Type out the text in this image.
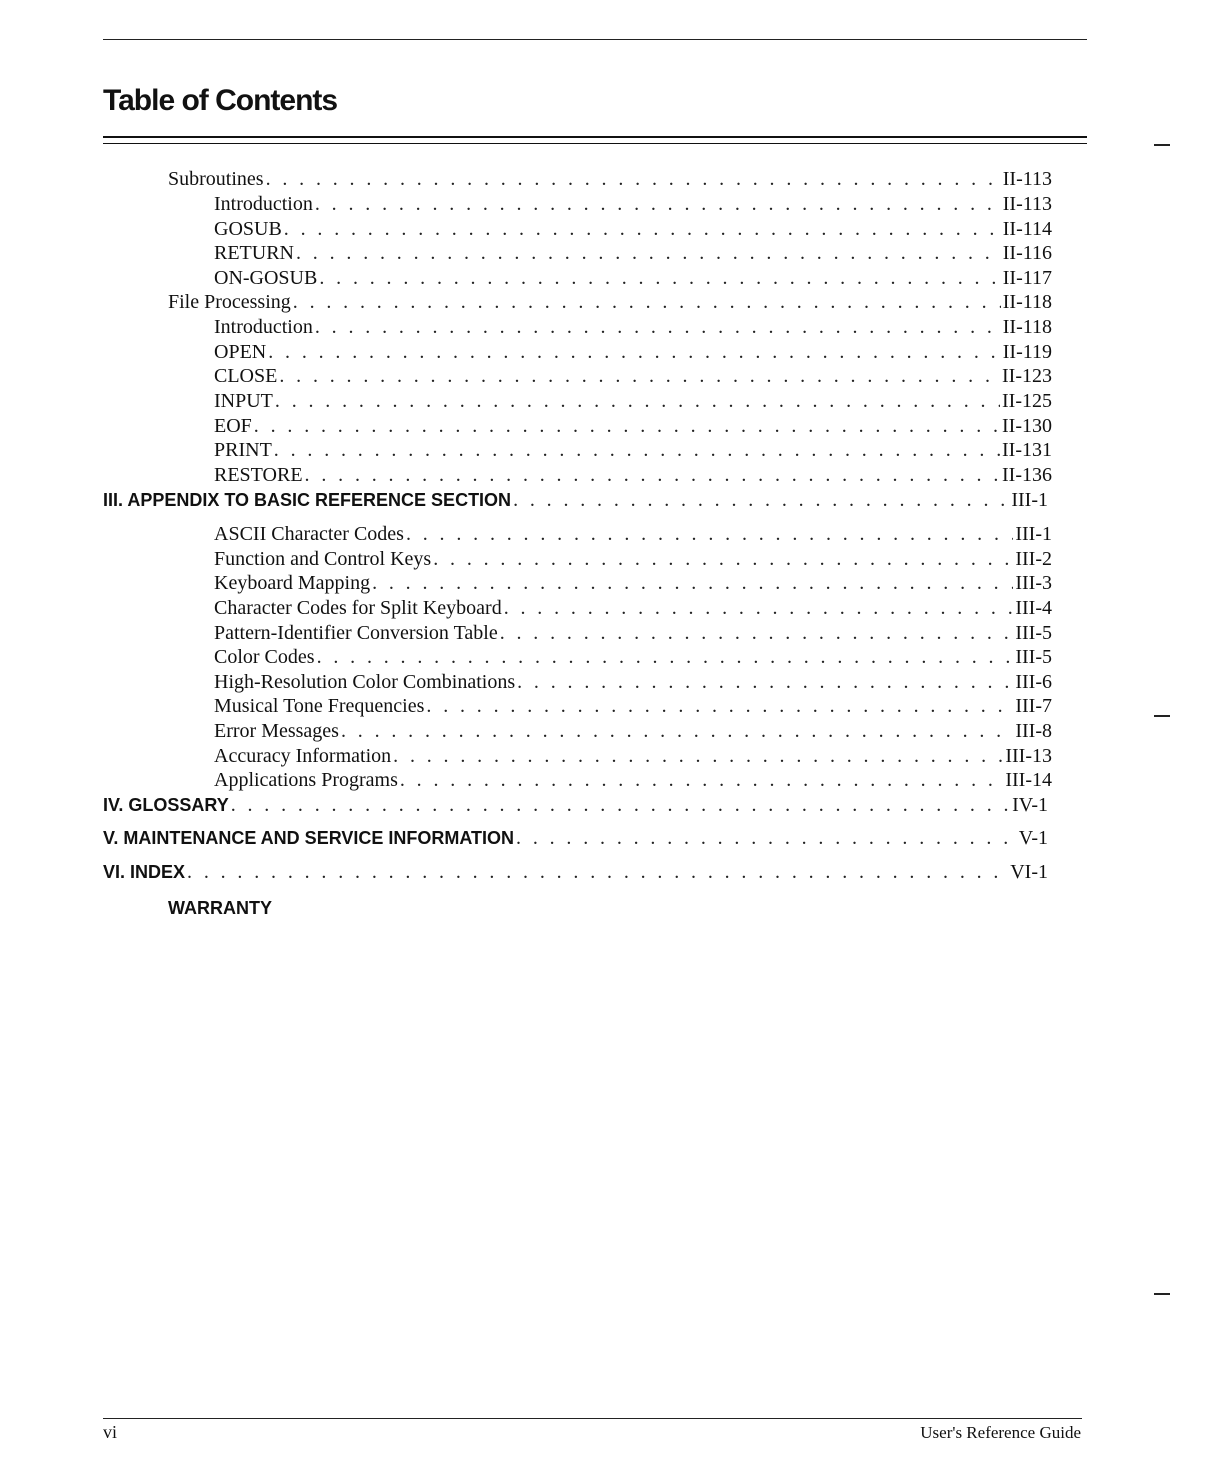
Table of Contents
Subroutines . . .	II-113
Introduction . . .	II-113
GOSUB . . .	II-114
RETURN . . .	II-116
ON-GOSUB . . .	II-117
File Processing . . .	II-118
Introduction . . .	II-118
OPEN . . .	II-119
CLOSE . . .	II-123
INPUT . . .	II-125
EOF . . .	II-130
PRINT . . .	II-131
RESTORE . . .	II-136
III. APPENDIX TO BASIC REFERENCE SECTION . . .	III-1
ASCII Character Codes . . .	III-1
Function and Control Keys . . .	III-2
Keyboard Mapping . . .	III-3
Character Codes for Split Keyboard . . .	III-4
Pattern-Identifier Conversion Table . . .	III-5
Color Codes . . .	III-5
High-Resolution Color Combinations . . .	III-6
Musical Tone Frequencies . . .	III-7
Error Messages . . .	III-8
Accuracy Information . . .	III-13
Applications Programs . . .	III-14
IV. GLOSSARY . . .	IV-1
V. MAINTENANCE AND SERVICE INFORMATION . . .	V-1
VI. INDEX . . .	VI-1
WARRANTY
vi	User's Reference Guide
